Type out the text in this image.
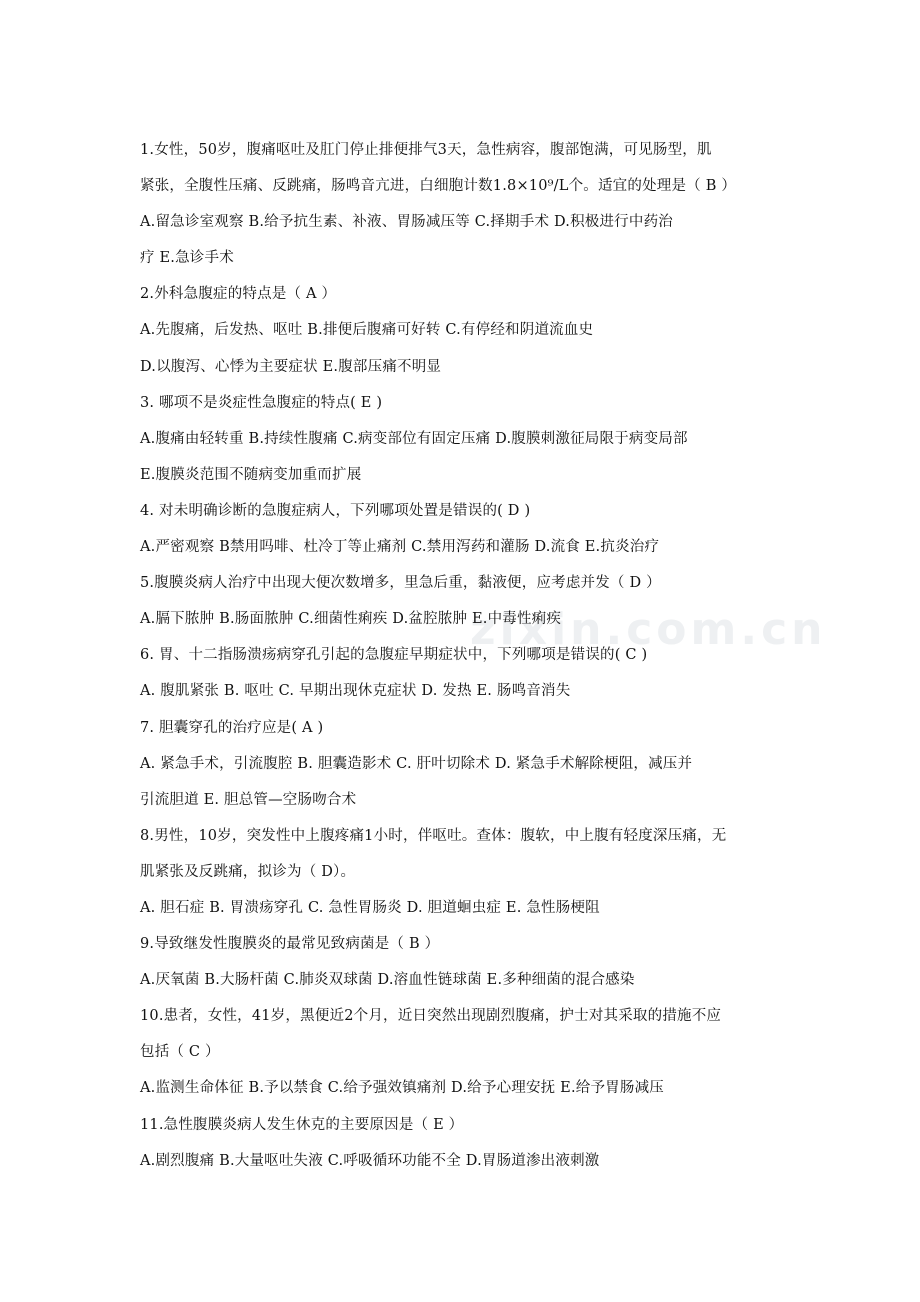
zixin.com.cn
1.女性，50岁，腹痛呕吐及肛门停止排便排气3天，急性病容，腹部饱满，可见肠型，肌
紧张，全腹性压痛、反跳痛，肠鸣音亢进，白细胞计数1.8×10⁹/L个。适宜的处理是（ B ）
A.留急诊室观察 B.给予抗生素、补液、胃肠减压等 C.择期手术 D.积极进行中药治
疗 E.急诊手术
2.外科急腹症的特点是（ A ）
A.先腹痛，后发热、呕吐 B.排便后腹痛可好转 C.有停经和阴道流血史
D.以腹泻、心悸为主要症状 E.腹部压痛不明显
3. 哪项不是炎症性急腹症的特点( E )
A.腹痛由轻转重 B.持续性腹痛 C.病变部位有固定压痛 D.腹膜刺激征局限于病变局部
E.腹膜炎范围不随病变加重而扩展
4. 对未明确诊断的急腹症病人，下列哪项处置是错误的( D )
A.严密观察 B禁用吗啡、杜冷丁等止痛剂 C.禁用泻药和灌肠 D.流食 E.抗炎治疗
5.腹膜炎病人治疗中出现大便次数增多，里急后重，黏液便，应考虑并发（ D ）
A.膈下脓肿 B.肠面脓肿 C.细菌性痢疾 D.盆腔脓肿 E.中毒性痢疾
6. 胃、十二指肠溃疡病穿孔引起的急腹症早期症状中，下列哪项是错误的( C )
A. 腹肌紧张 B. 呕吐 C. 早期出现休克症状 D. 发热 E. 肠鸣音消失
7. 胆囊穿孔的治疗应是( A )
A. 紧急手术，引流腹腔 B. 胆囊造影术 C. 肝叶切除术 D. 紧急手术解除梗阻，减压并
引流胆道 E. 胆总管—空肠吻合术
8.男性，10岁，突发性中上腹疼痛1小时，伴呕吐。查体：腹软，中上腹有轻度深压痛，无
肌紧张及反跳痛，拟诊为（ D）。
A. 胆石症 B. 胃溃疡穿孔 C. 急性胃肠炎 D. 胆道蛔虫症 E. 急性肠梗阻
9.导致继发性腹膜炎的最常见致病菌是（ B ）
A.厌氧菌 B.大肠杆菌 C.肺炎双球菌 D.溶血性链球菌 E.多种细菌的混合感染
10.患者，女性，41岁，黑便近2个月，近日突然出现剧烈腹痛，护士对其采取的措施不应
包括（ C ）
A.监测生命体征 B.予以禁食 C.给予强效镇痛剂 D.给予心理安抚 E.给予胃肠减压
11.急性腹膜炎病人发生休克的主要原因是（ E ）
A.剧烈腹痛 B.大量呕吐失液 C.呼吸循环功能不全 D.胃肠道渗出液刺激
